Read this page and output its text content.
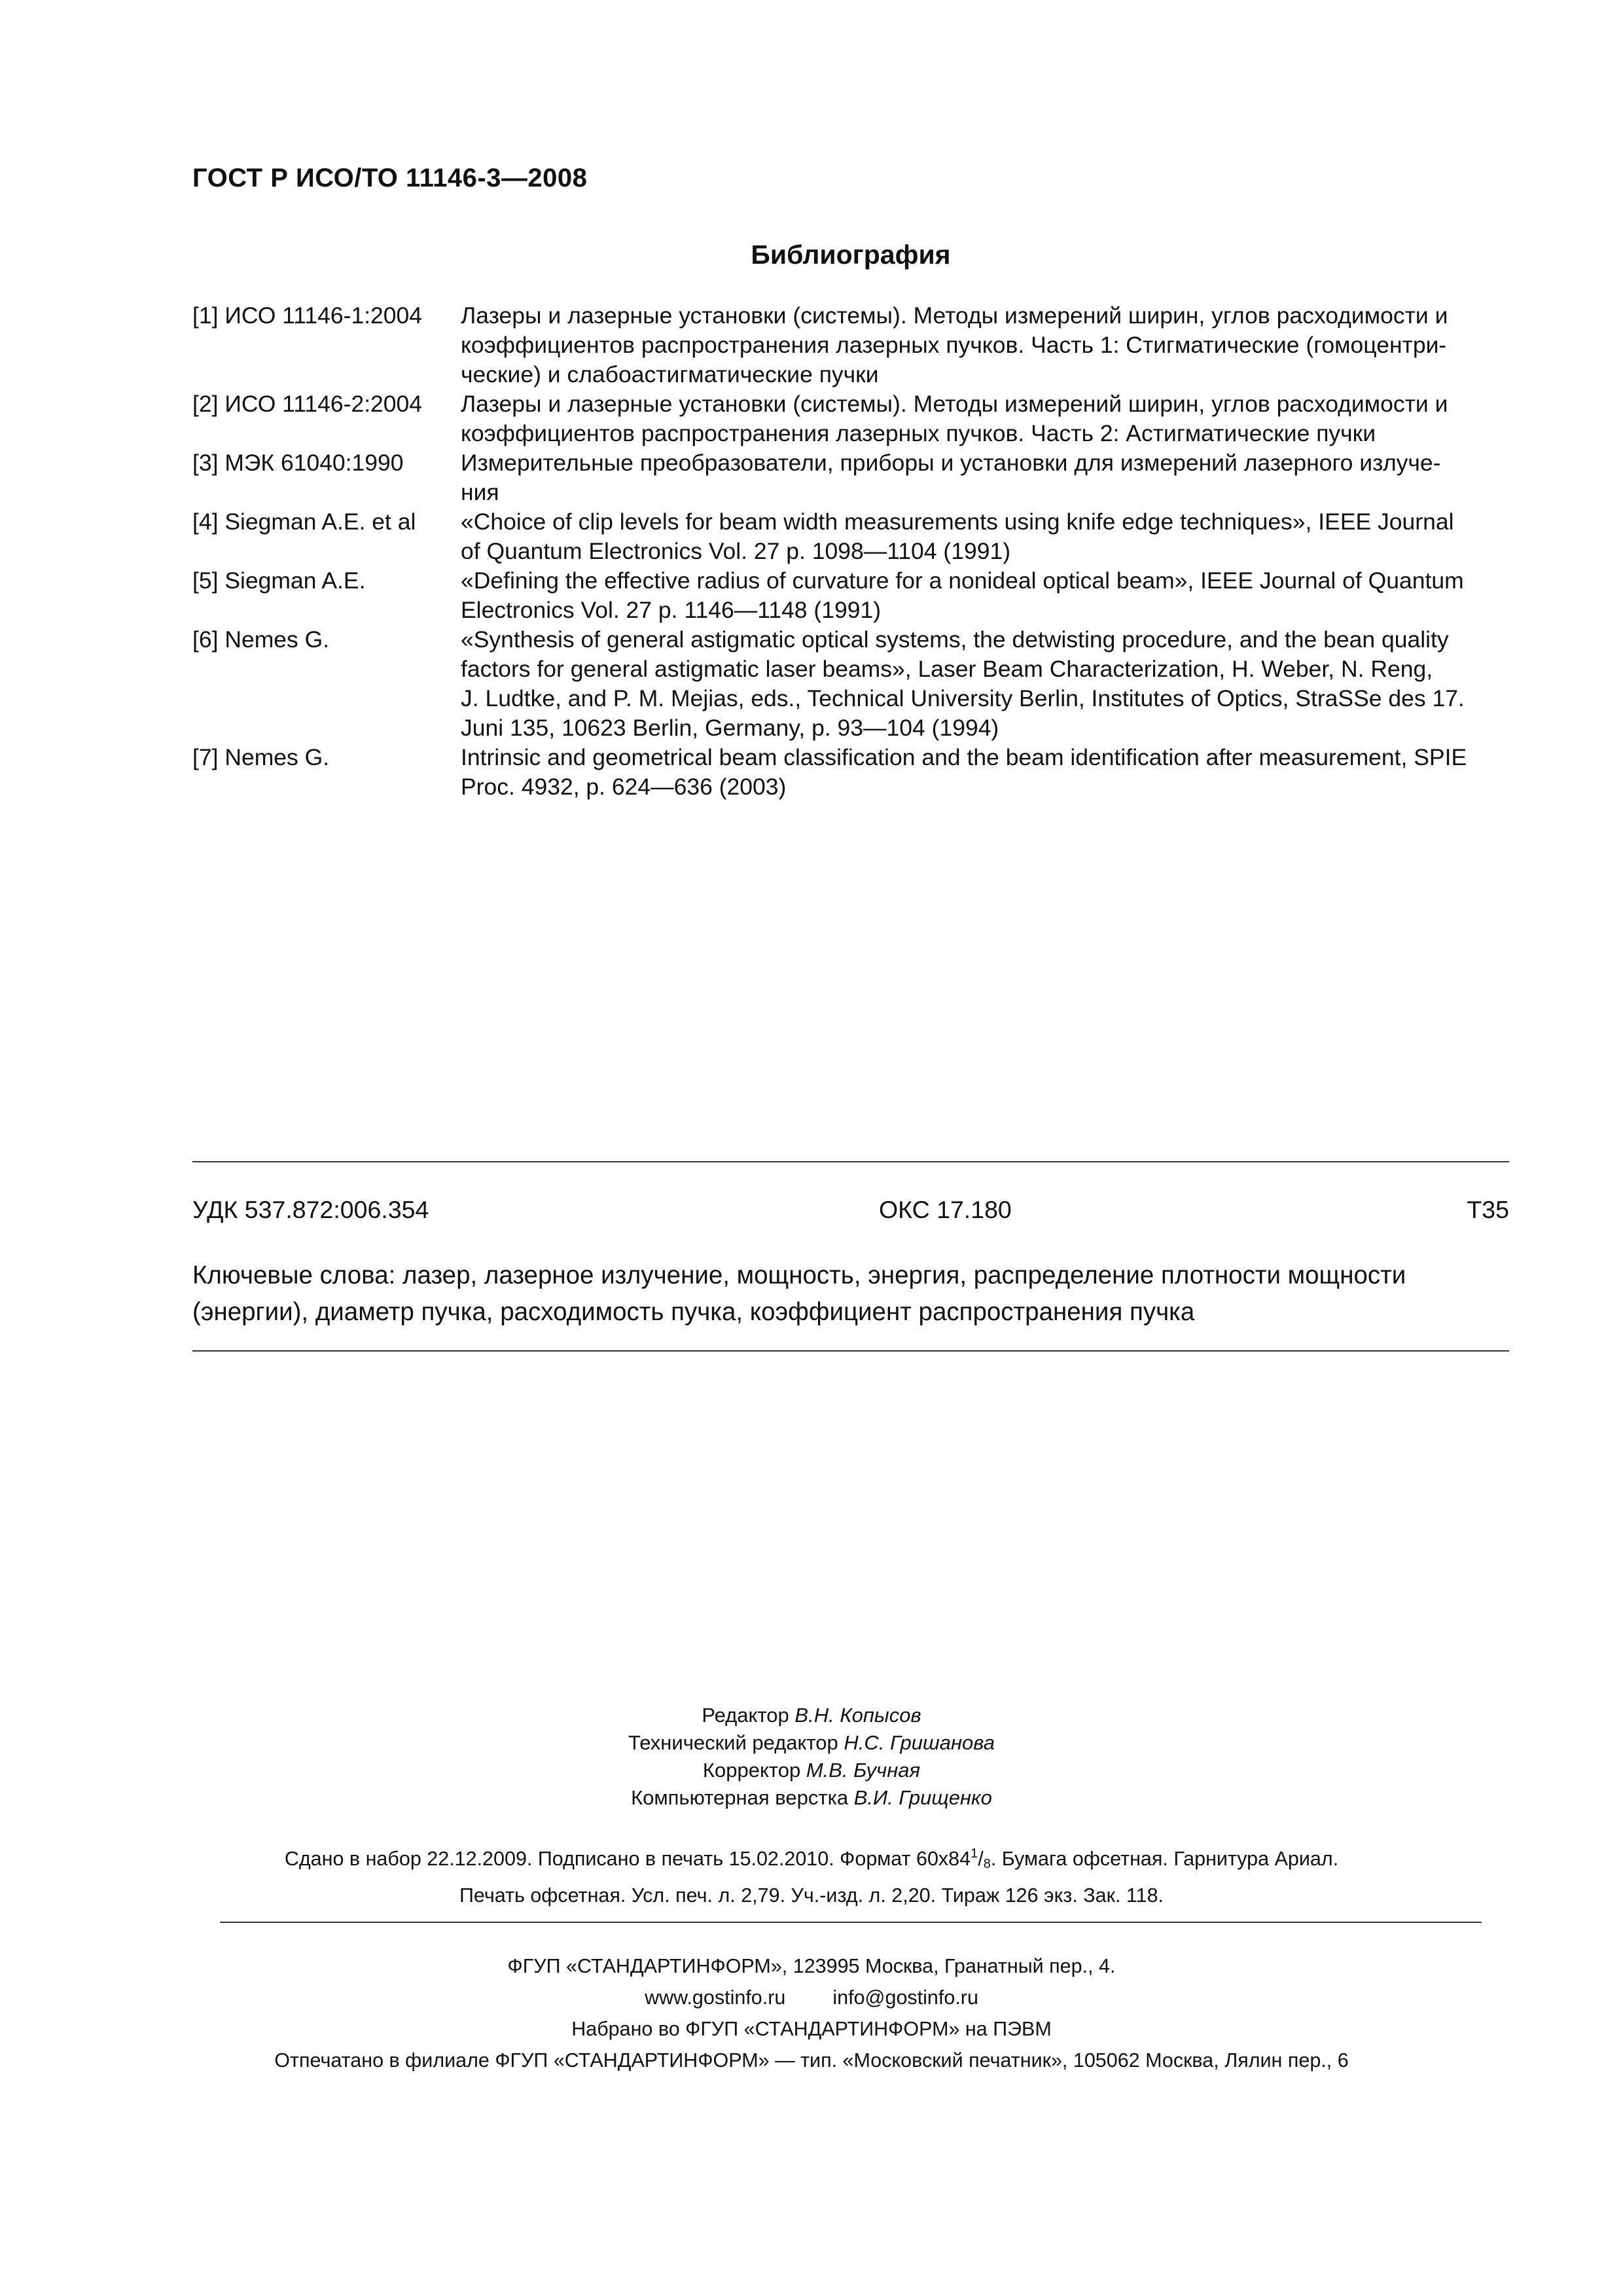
ГОСТ Р ИСО/ТО 11146-3—2008
Библиография
[1] ИСО 11146-1:2004	Лазеры и лазерные установки (системы). Методы измерений ширин, углов расходимости и
коэффициентов распространения лазерных пучков. Часть 1: Стигматические (гомоцентри-
ческие) и слабоастигматические пучки
[2] ИСО 11146-2:2004	Лазеры и лазерные установки (системы). Методы измерений ширин, углов расходимости и
коэффициентов распространения лазерных пучков. Часть 2: Астигматические пучки
[3] МЭК 61040:1990	Измерительные преобразователи, приборы и установки для измерений лазерного излуче-
ния
[4] Siegman A.E. et al	«Choice of clip levels for beam width measurements using knife edge techniques», IEEE Journal
of Quantum Electronics Vol. 27 p. 1098—1104 (1991)
[5] Siegman A.E.	«Defining the effective radius of curvature for a nonideal optical beam», IEEE Journal of Quantum
Electronics Vol. 27 p. 1146—1148 (1991)
[6] Nemes G.	«Synthesis of general astigmatic optical systems, the detwisting procedure, and the bean quality
factors for general astigmatic laser beams», Laser Beam Characterization, H. Weber, N. Reng,
J. Ludtke, and P. M. Mejias, eds., Technical University Berlin, Institutes of Optics, StraSSe des 17.
Juni 135, 10623 Berlin, Germany, p. 93—104 (1994)
[7] Nemes G.	Intrinsic and geometrical beam classification and the beam identification after measurement, SPIE
Proc. 4932, p. 624—636 (2003)
УДК 537.872:006.354	ОКС 17.180	Т35
Ключевые слова: лазер, лазерное излучение, мощность, энергия, распределение плотности мощности
(энергии), диаметр пучка, расходимость пучка, коэффициент распространения пучка
Редактор В.Н. Копысов
Технический редактор Н.С. Гришанова
Корректор М.В. Бучная
Компьютерная верстка В.И. Грищенко
Сдано в набор 22.12.2009. Подписано в печать 15.02.2010. Формат $60x84^1/_8$. Бумага офсетная. Гарнитура Ариал.
Печать офсетная. Усл. печ. л. 2,79. Уч.-изд. л. 2,20. Тираж 126 экз. Зак. 118.
ФГУП «СТАНДАРТИНФОРМ», 123995 Москва, Гранатный пер., 4.
www.gostinfo.ru info@gostinfo.ru
Набрано во ФГУП «СТАНДАРТИНФОРМ» на ПЭВМ
Отпечатано в филиале ФГУП «СТАНДАРТИНФОРМ» — тип. «Московский печатник», 105062 Москва, Лялин пер., 6
